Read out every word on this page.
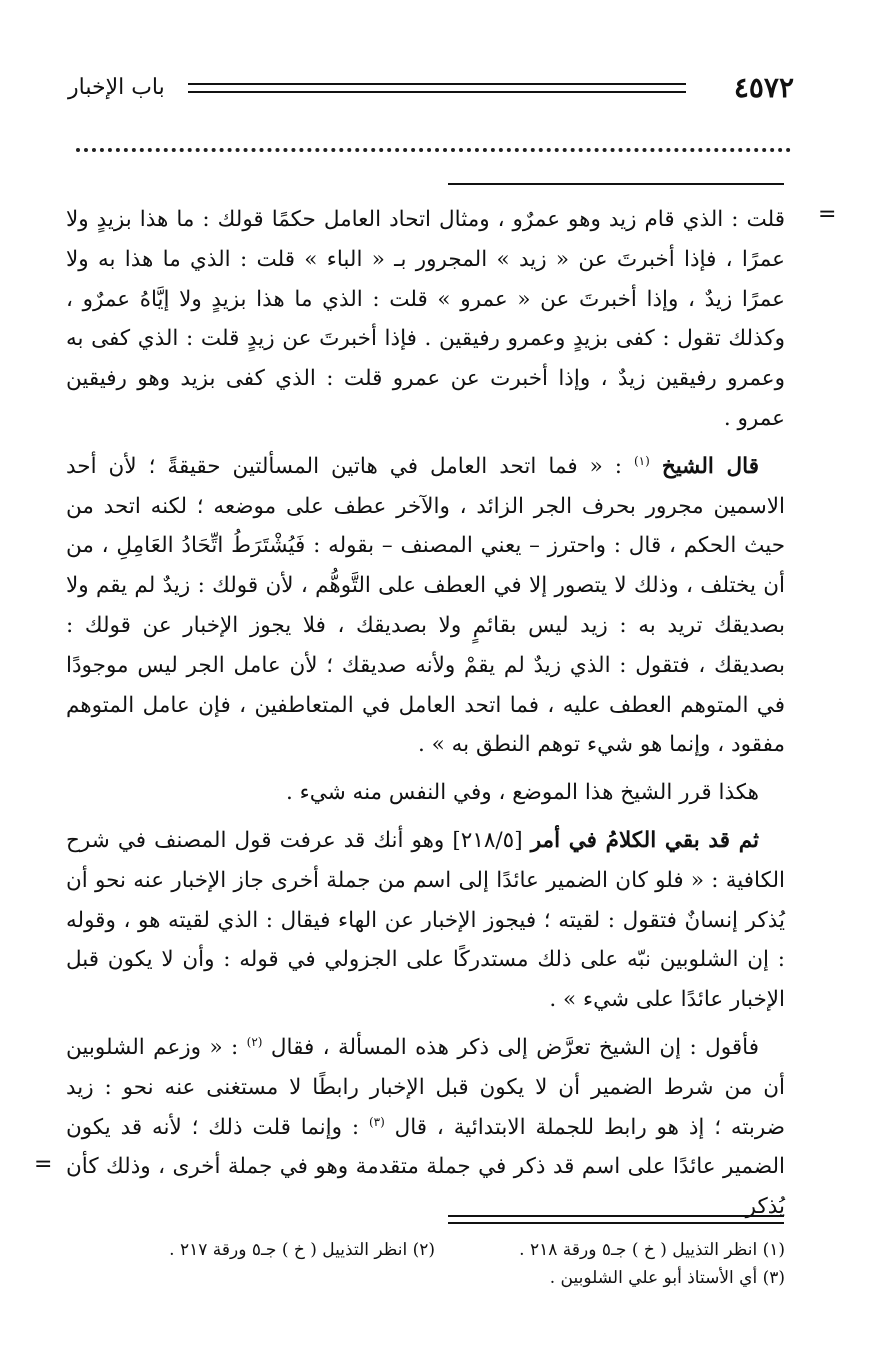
٤٥٧٢
باب الإخبار
=

قلت : الذي قام زيد وهو عمرٌو ، ومثال اتحاد العامل حكمًا قولك : ما هذا بزيدٍ ولا عمرًا ، فإذا أخبرتَ عن « زيد » المجرور بـ « الباء » قلت : الذي ما هذا به ولا عمرًا زيدٌ ، وإذا أخبرتَ عن « عمرو » قلت : الذي ما هذا بزيدٍ ولا إيَّاهُ عمرٌو ، وكذلك تقول : كفى بزيدٍ وعمرو رفيقين . فإذا أخبرتَ عن زيدٍ قلت : الذي كفى به وعمرو رفيقين زيدٌ ، وإذا أخبرت عن عمرو قلت : الذي كفى بزيد وهو رفيقين عمرو .

قال الشيخ $^{(١)}$ : « فما اتحد العامل في هاتين المسألتين حقيقةً ؛ لأن أحد الاسمين مجرور بحرف الجر الزائد ، والآخر عطف على موضعه ؛ لكنه اتحد من حيث الحكم ، قال : واحترز – يعني المصنف – بقوله : فَيُشْتَرَطُ اتِّحَادُ العَامِلِ ، من أن يختلف ، وذلك لا يتصور إلا في العطف على التَّوهُّم ، لأن قولك : زيدٌ لم يقم ولا بصديقك تريد به : زيد ليس بقائمٍ ولا بصديقك ، فلا يجوز الإخبار عن قولك : بصديقك ، فتقول : الذي زيدٌ لم يقمْ ولأنه صديقك ؛ لأن عامل الجر ليس موجودًا في المتوهم العطف عليه ، فما اتحد العامل في المتعاطفين ، فإن عامل المتوهم مفقود ، وإنما هو شيء توهم النطق به » .

هكذا قرر الشيخ هذا الموضع ، وفي النفس منه شيء .

ثم قد بقي الكلامُ في أمر [٢١٨/٥] وهو أنك قد عرفت قول المصنف في شرح الكافية : « فلو كان الضمير عائدًا إلى اسم من جملة أخرى جاز الإخبار عنه نحو أن يُذكر إنسانٌ فتقول : لقيته ؛ فيجوز الإخبار عن الهاء فيقال : الذي لقيته هو ، وقوله : إن الشلوبين نبّه على ذلك مستدركًا على الجزولي في قوله : وأن لا يكون قبل الإخبار عائدًا على شيء » .

فأقول : إن الشيخ تعرَّض إلى ذكر هذه المسألة ، فقال $^{(٢)}$ : « وزعم الشلوبين أن من شرط الضمير أن لا يكون قبل الإخبار رابطًا لا مستغنى عنه نحو : زيد ضربته ؛ إذ هو رابط للجملة الابتدائية ، قال $^{(٣)}$ : وإنما قلت ذلك ؛ لأنه قد يكون الضمير عائدًا على اسم قد ذكر في جملة متقدمة وهو في جملة أخرى ، وذلك كأن يُذكر

=
(١) انظر التذييل ( خ ) جـ٥ ورقة ٢١٨ .
(٢) انظر التذييل ( خ ) جـ٥ ورقة ٢١٧ .
(٣) أي الأستاذ أبو علي الشلوبين .
